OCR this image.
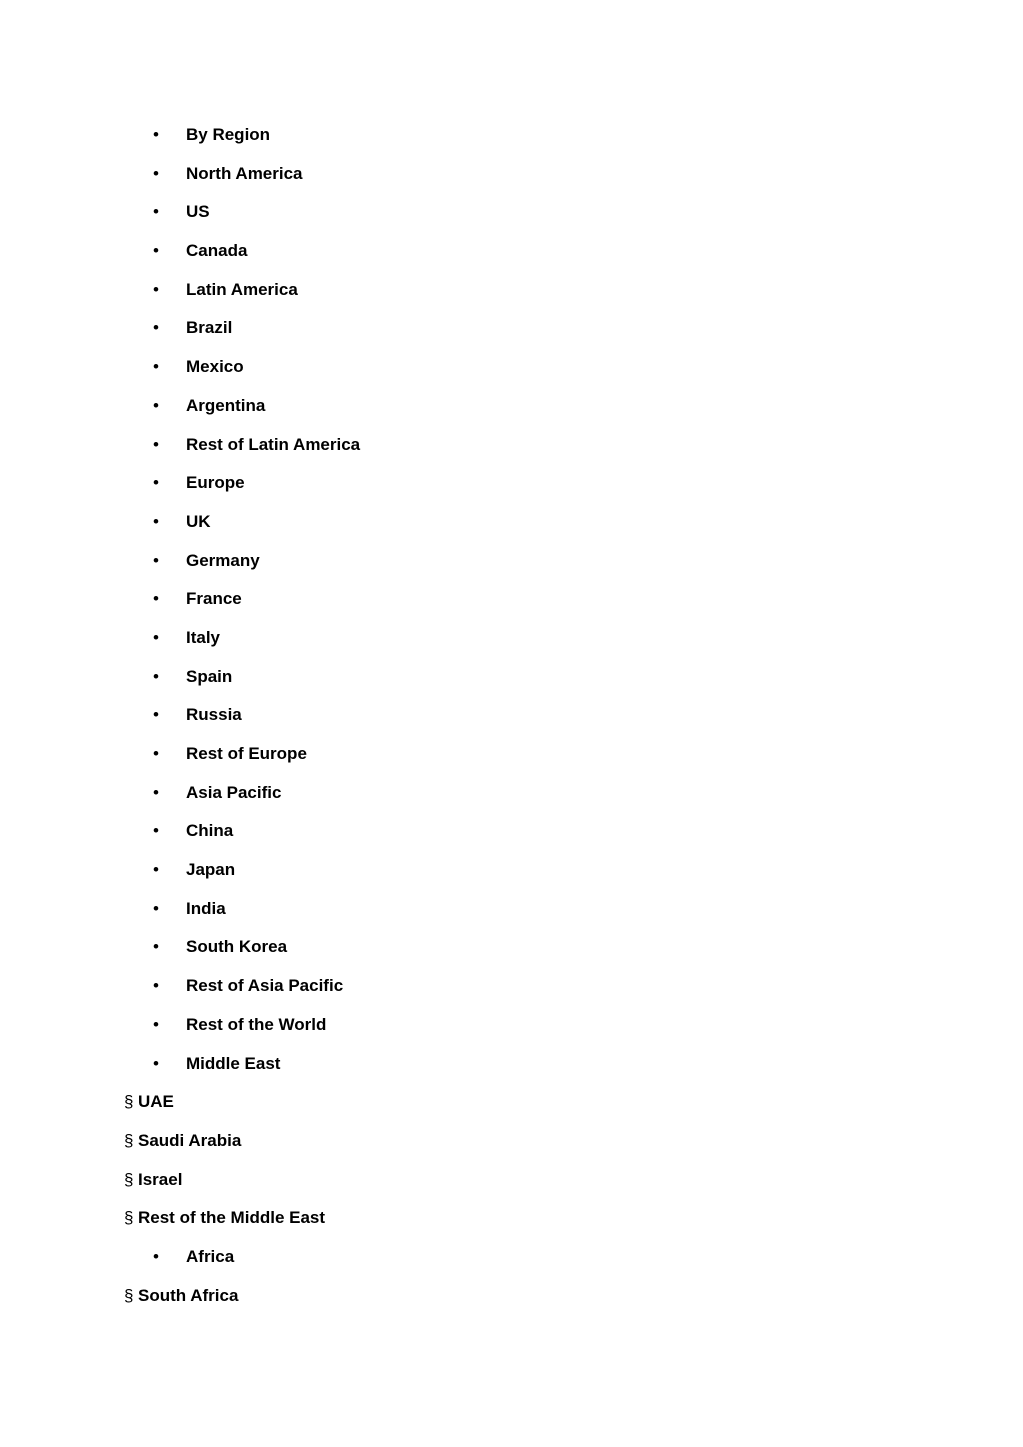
• By Region
• North America
• US
• Canada
• Latin America
• Brazil
• Mexico
• Argentina
• Rest of Latin America
• Europe
• UK
• Germany
• France
• Italy
• Spain
• Russia
• Rest of Europe
• Asia Pacific
• China
• Japan
• India
• South Korea
• Rest of Asia Pacific
• Rest of the World
• Middle East
§ UAE
§ Saudi Arabia
§ Israel
§ Rest of the Middle East
• Africa
§ South Africa
